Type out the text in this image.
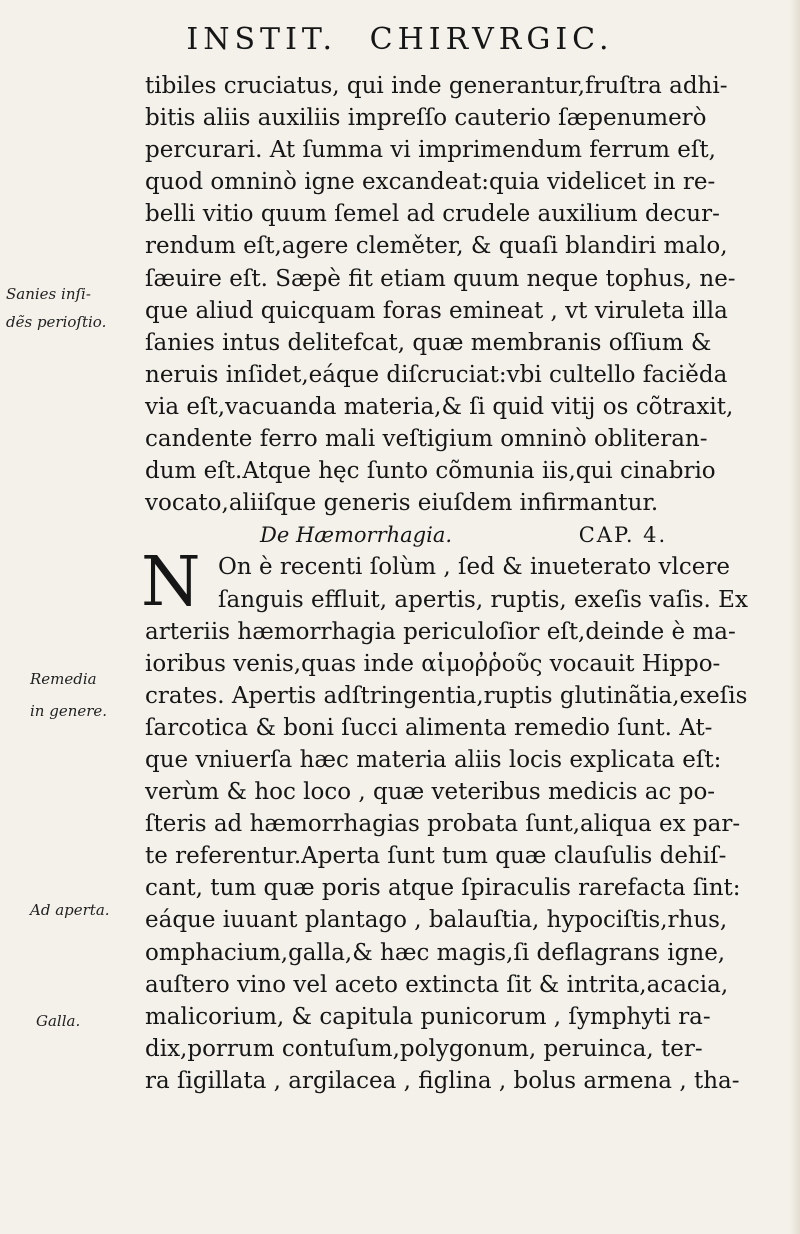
INSTIT. CHIRVRGIC.
Sanies inſi-
dẽs perioſtio.
Remedia
in genere.
Ad aperta.
Galla.
tibiles cruciatus, qui inde generantur,fruſtra adhi-
bitis aliis auxiliis impreſſo cauterio ſæpenumerò
percurari. At ſumma vi imprimendum ferrum eſt,
quod omninò igne excandeat:quia videlicet in re-
belli vitio quum ſemel ad crudele auxilium decur-
rendum eſt,agere cleměter, & quaſi blandiri malo,
ſæuire eſt. Sæpè fit etiam quum neque tophus, ne-
que aliud quicquam foras emineat , vt viruleta illa
ſanies intus delitefcat, quæ membranis oſſium &
neruis inſidet,eáque diſcruciat:vbi cultello faciěda
via eſt,vacuanda materia,& ſi quid vitij os cõtraxit,
candente ferro mali veſtigium omninò obliteran-
dum eſt.Atque hęc ſunto cõmunia iis,qui cinabrio
vocato,aliiſque generis eiuſdem infirmantur.
De Hæmorrhagia.	CAP. 4.
N On è recenti ſolùm , ſed & inueterato vlcere
ſanguis effluit, apertis, ruptis, exeſis vaſis. Ex
arteriis hæmorrhagia periculoſior eſt,deinde è ma-
ioribus venis,quas inde αἱμοῤῥοῦς vocauit Hippo-
crates. Apertis adſtringentia,ruptis glutinãtia,exeſis
ſarcotica & boni ſucci alimenta remedio ſunt. At-
que vniuerſa hæc materia aliis locis explicata eſt:
verùm & hoc loco , quæ veteribus medicis ac po-
ſteris ad hæmorrhagias probata ſunt,aliqua ex par-
te referentur.Aperta ſunt tum quæ clauſulis dehiſ-
cant, tum quæ poris atque ſpiraculis rarefacta ſint:
eáque iuuant plantago , balauſtia, hypociſtis,rhus,
omphacium,galla,& hæc magis,ſi deflagrans igne,
auſtero vino vel aceto extincta ſit & intrita,acacia,
malicorium, & capitula punicorum , ſymphyti ra-
dix,porrum contuſum,polygonum, peruinca, ter-
ra ſigillata , argilacea , figlina , bolus armena , tha-
